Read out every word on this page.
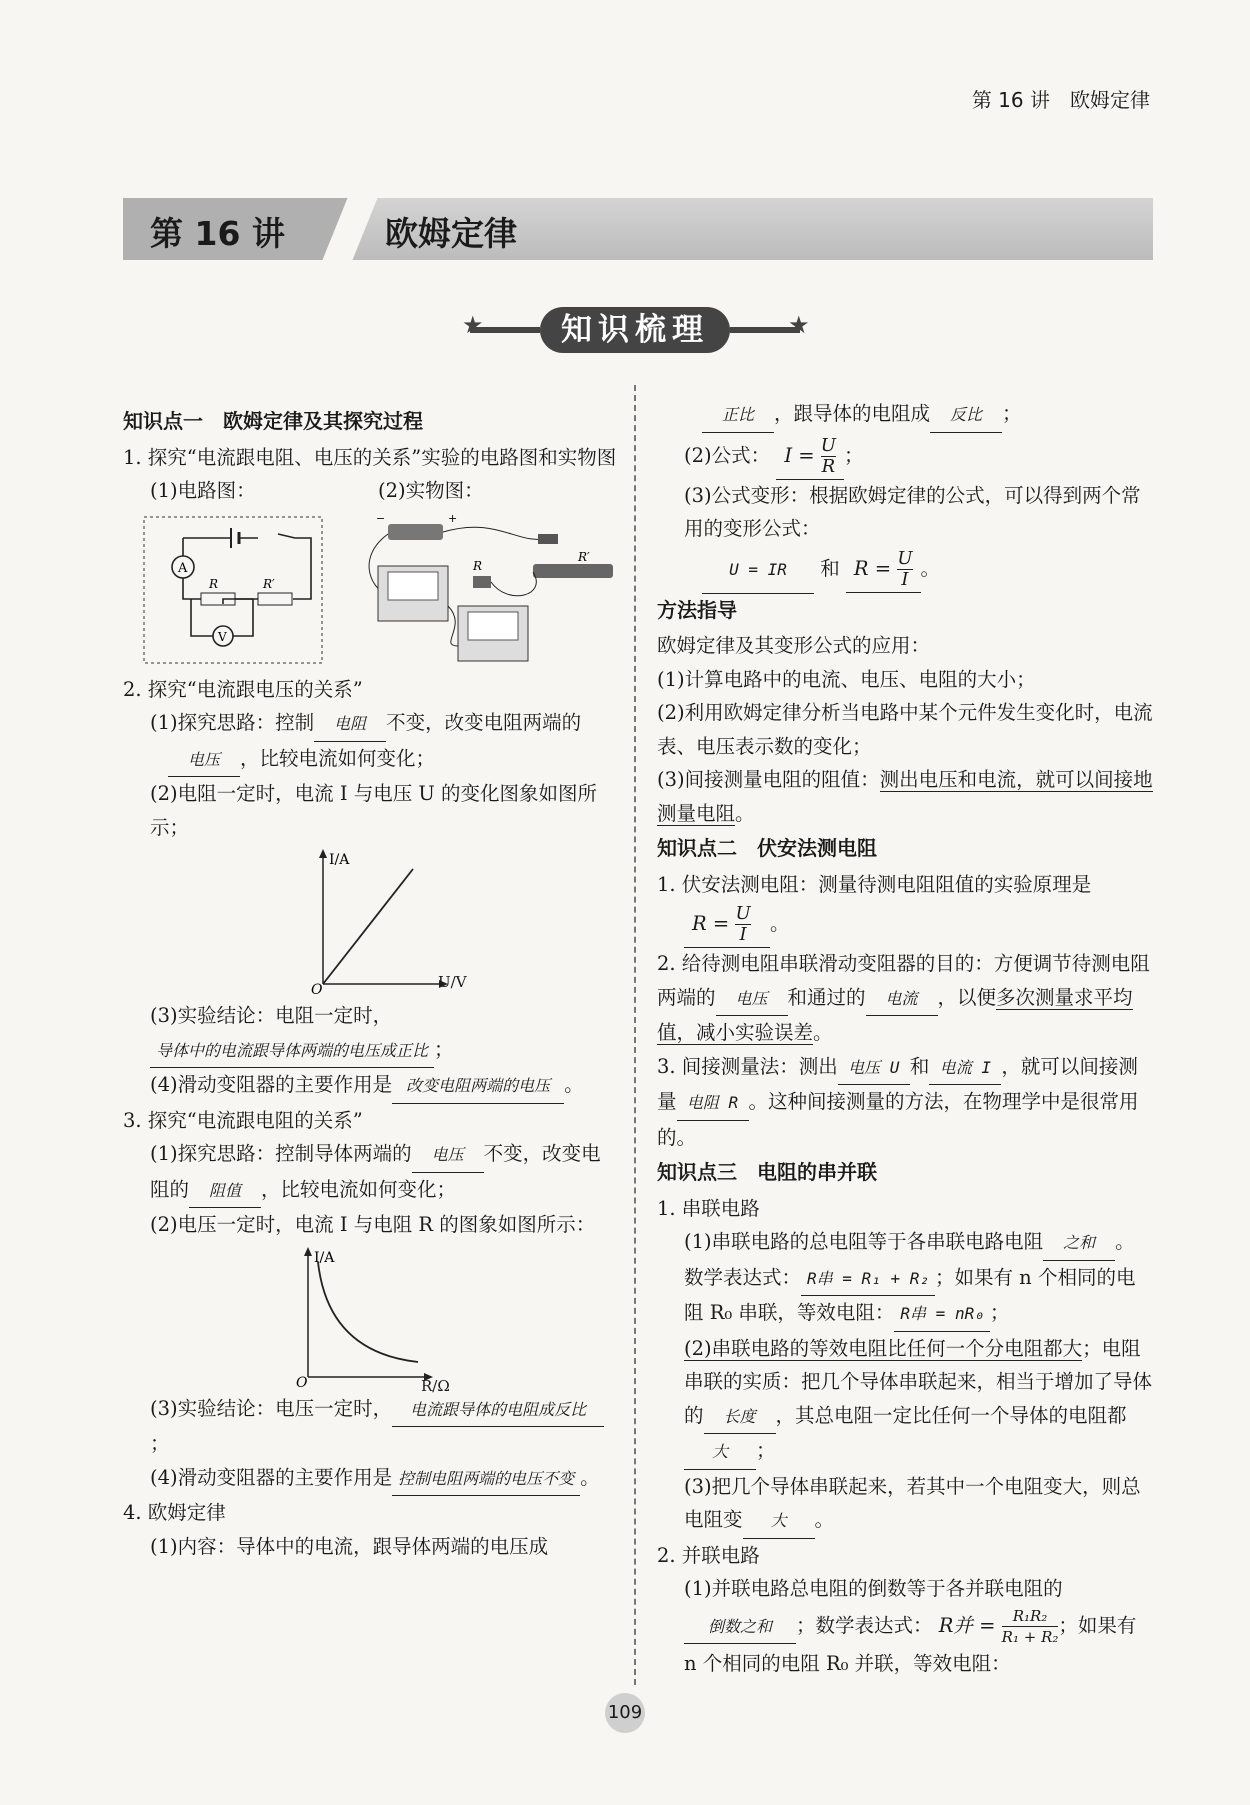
第 16 讲　欧姆定律
第 16 讲	欧姆定律
★	★
知识梳理

知识点一　欧姆定律及其探究过程

1. 探究“电流跟电阻、电压的关系”实验的电路图和实物图

(1)电路图：	(2)实物图：

A
R	R′
V
+
−
R′
R

2. 探究“电流跟电压的关系”

(1)探究思路：控制 电阻 不变，改变电阻两端的

电压 ，比较电流如何变化；

(2)电阻一定时，电流 I 与电压 U 的变化图象如图所示；

I/A
O	U/V

(3)实验结论：电阻一定时，导体中的电流跟导体两端的电压成正比 ；

(4)滑动变阻器的主要作用是 改变电阻两端的电压 。

3. 探究“电流跟电阻的关系”

(1)探究思路：控制导体两端的 电压 不变，改变电阻的 阻值 ，比较电流如何变化；

(2)电压一定时，电流 I 与电阻 R 的图象如图所示：

I/A
O	R/Ω

(3)实验结论：电压一定时， 电流跟导体的电阻成反比；

(4)滑动变阻器的主要作用是 控制电阻两端的电压不变 。

4. 欧姆定律

(1)内容：导体中的电流，跟导体两端的电压成

正比 ，跟导体的电阻成 反比 ；

(2)公式： $I = \frac{U}{R}$ ；

(3)公式变形：根据欧姆定律的公式，可以得到两个常用的变形公式：

U = IR 和 $R = \frac{U}{I}$ 。

方法指导

欧姆定律及其变形公式的应用：

(1)计算电路中的电流、电压、电阻的大小；

(2)利用欧姆定律分析当电路中某个元件发生变化时，电流表、电压表示数的变化；

(3)间接测量电阻的阻值：测出电压和电流，就可以间接地测量电阻。

知识点二　伏安法测电阻

1. 伏安法测电阻：测量待测电阻阻值的实验原理是

$R = \frac{U}{I}$ 。

2. 给待测电阻串联滑动变阻器的目的：方便调节待测电阻两端的 电压 和通过的 电流 ，以便多次测量求平均值，减小实验误差。

3. 间接测量法：测出 电压 U 和 电流 I ，就可以间接测量 电阻 R 。这种间接测量的方法，在物理学中是很常用的。

知识点三　电阻的串并联

1. 串联电路

(1)串联电路的总电阻等于各串联电路电阻 之和 。数学表达式： R串 = R₁ + R₂ ；如果有 n 个相同的电阻 R₀ 串联，等效电阻： R串 = nR₀ ；

(2)串联电路的等效电阻比任何一个分电阻都大；电阻串联的实质：把几个导体串联起来，相当于增加了导体的 长度 ，其总电阻一定比任何一个导体的电阻都大 ；

(3)把几个导体串联起来，若其中一个电阻变大，则总电阻变 大 。

2. 并联电路

(1)并联电路总电阻的倒数等于各并联电阻的倒数之和 ；数学表达式： R并 = $\frac{\text{R₁R₂}}{\text{R₁ + R₂}}$ ；如果有 n 个相同的电阻 R₀ 并联，等效电阻：

109
